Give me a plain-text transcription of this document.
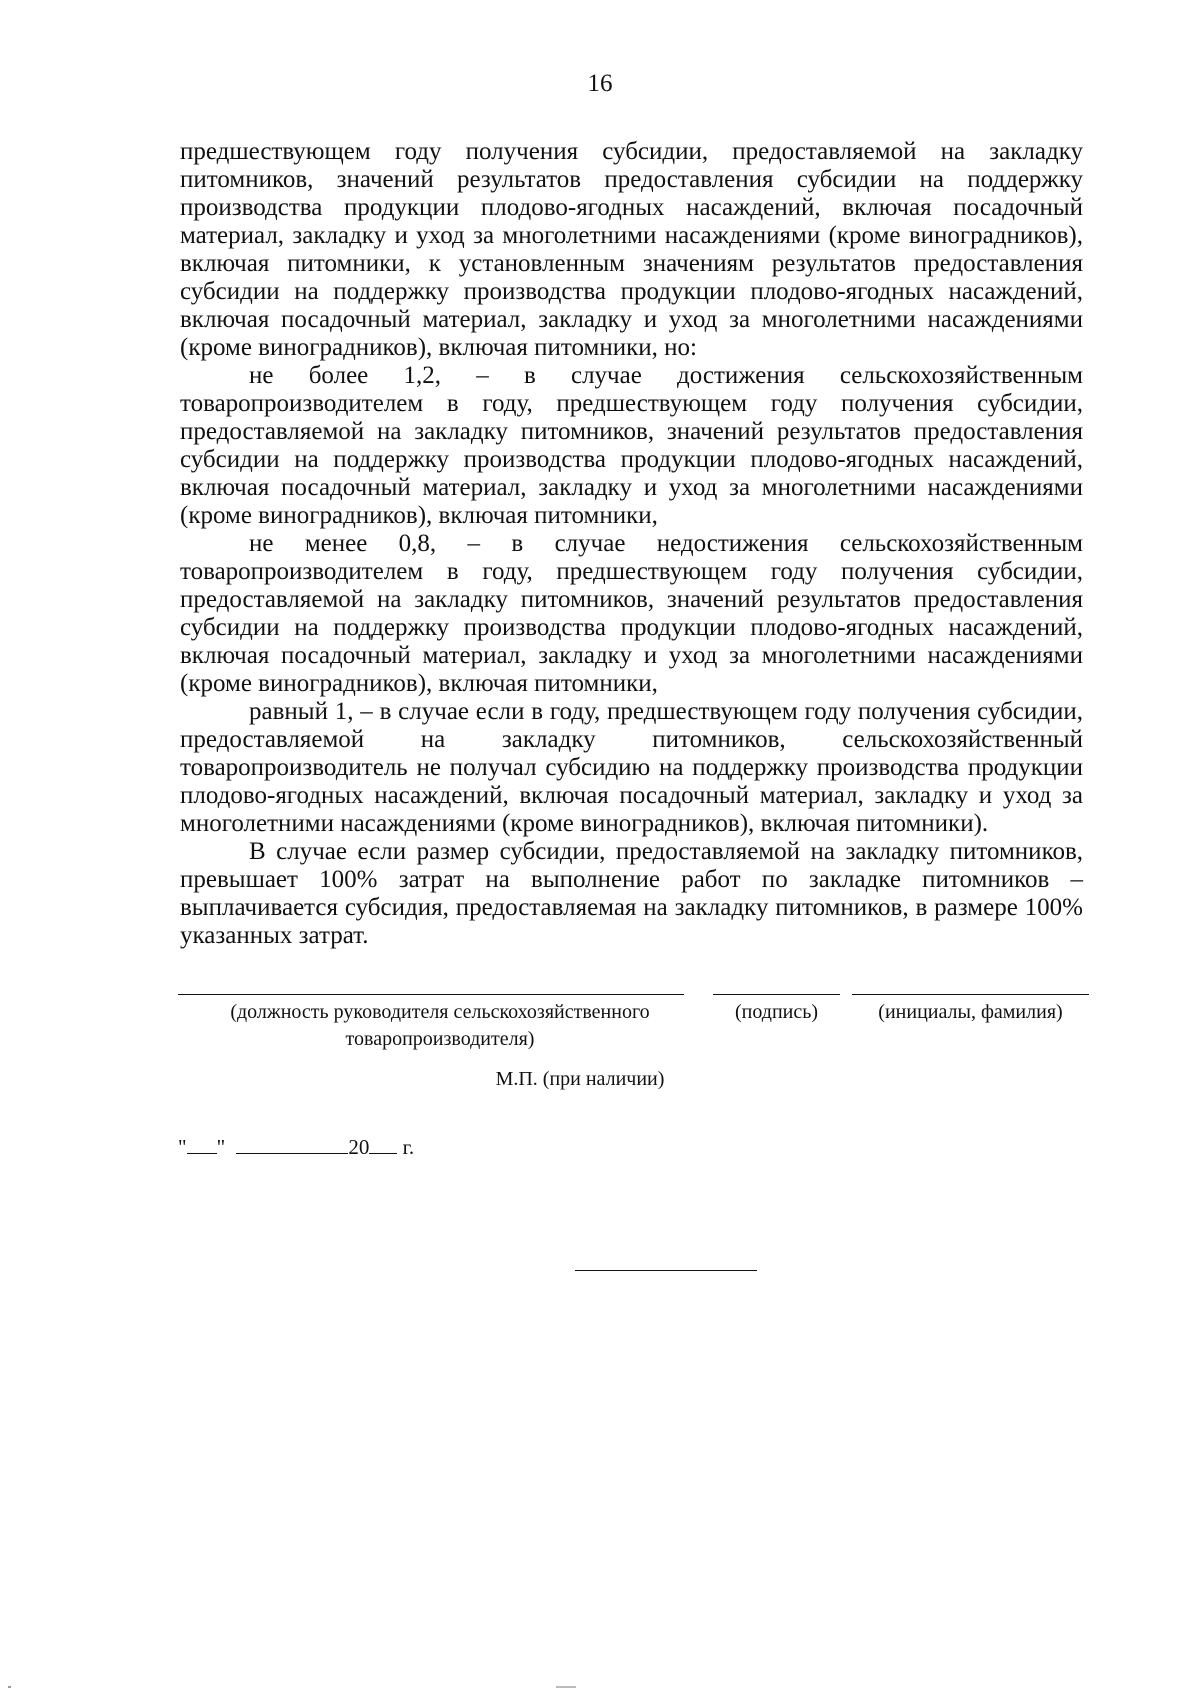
16

предшествующем году получения субсидии, предоставляемой на закладку питомников, значений результатов предоставления субсидии на поддержку производства продукции плодово-ягодных насаждений, включая посадочный материал, закладку и уход за многолетними насаждениями (кроме виноградников), включая питомники, к установленным значениям результатов предоставления субсидии на поддержку производства продукции плодово-ягодных насаждений, включая посадочный материал, закладку и уход за многолетними насаждениями (кроме виноградников), включая питомники, но:

не более 1,2, – в случае достижения сельскохозяйственным товаропроизводителем в году, предшествующем году получения субсидии, предоставляемой на закладку питомников, значений результатов предоставления субсидии на поддержку производства продукции плодово-ягодных насаждений, включая посадочный материал, закладку и уход за многолетними насаждениями (кроме виноградников), включая питомники,

не менее 0,8, – в случае недостижения сельскохозяйственным товаропроизводителем в году, предшествующем году получения субсидии, предоставляемой на закладку питомников, значений результатов предоставления субсидии на поддержку производства продукции плодово-ягодных насаждений, включая посадочный материал, закладку и уход за многолетними насаждениями (кроме виноградников), включая питомники,

равный 1, – в случае если в году, предшествующем году получения субсидии, предоставляемой на закладку питомников, сельскохозяйственный товаропроизводитель не получал субсидию на поддержку производства продукции плодово-ягодных насаждений, включая посадочный материал, закладку и уход за многолетними насаждениями (кроме виноградников), включая питомники).

В случае если размер субсидии, предоставляемой на закладку питомников, превышает 100% затрат на выполнение работ по закладке питомников – выплачивается субсидия, предоставляемая на закладку питомников, в размере 100% указанных затрат.

(должность руководителя сельскохозяйственного
товаропроизводителя)
(подпись)	(инициалы, фамилия)
М.П. (при наличии)
" "	20 г.
